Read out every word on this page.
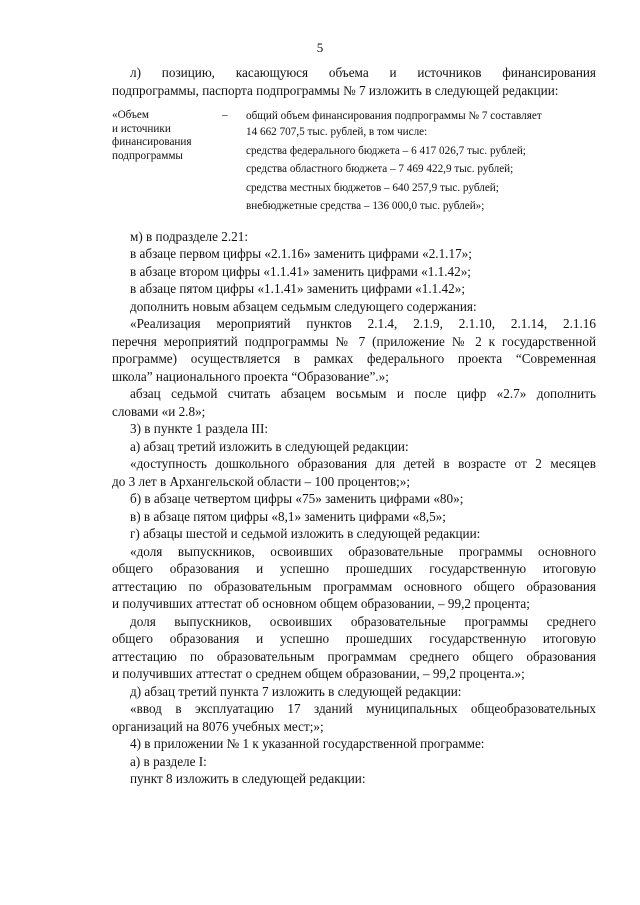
5

л) позицию, касающуюся объема и источников финансирования

подпрограммы, паспорта подпрограммы № 7 изложить в следующей редакции:

«Объем
и источники
финансирования
подпрограммы
–	общий объем финансирования подпрограммы № 7 составляет
14 662 707,5 тыс. рублей, в том числе:
средства федерального бюджета – 6 417 026,7 тыс. рублей;
средства областного бюджета – 7 469 422,9 тыс. рублей;
средства местных бюджетов – 640 257,9 тыс. рублей;
внебюджетные средства – 136 000,0 тыс. рублей»;

м) в подразделе 2.21:

в абзаце первом цифры «2.1.16» заменить цифрами «2.1.17»;

в абзаце втором цифры «1.1.41» заменить цифрами «1.1.42»;

в абзаце пятом цифры «1.1.41» заменить цифрами «1.1.42»;

дополнить новым абзацем седьмым следующего содержания:

«Реализация мероприятий пунктов 2.1.4, 2.1.9, 2.1.10, 2.1.14, 2.1.16

перечня мероприятий подпрограммы № 7 (приложение № 2 к государственной

программе) осуществляется в рамках федерального проекта “Современная

школа” национального проекта “Образование”.»;

абзац седьмой считать абзацем восьмым и после цифр «2.7» дополнить

словами «и 2.8»;

3) в пункте 1 раздела III:

а) абзац третий изложить в следующей редакции:

«доступность дошкольного образования для детей в возрасте от 2 месяцев

до 3 лет в Архангельской области – 100 процентов;»;

б) в абзаце четвертом цифры «75» заменить цифрами «80»;

в) в абзаце пятом цифры «8,1» заменить цифрами «8,5»;

г) абзацы шестой и седьмой изложить в следующей редакции:

«доля выпускников, освоивших образовательные программы основного

общего образования и успешно прошедших государственную итоговую

аттестацию по образовательным программам основного общего образования

и получивших аттестат об основном общем образовании, – 99,2 процента;

доля выпускников, освоивших образовательные программы среднего

общего образования и успешно прошедших государственную итоговую

аттестацию по образовательным программам среднего общего образования

и получивших аттестат о среднем общем образовании, – 99,2 процента.»;

д) абзац третий пункта 7 изложить в следующей редакции:

«ввод в эксплуатацию 17 зданий муниципальных общеобразовательных

организаций на 8076 учебных мест;»;

4) в приложении № 1 к указанной государственной программе:

а) в разделе I:

пункт 8 изложить в следующей редакции:
